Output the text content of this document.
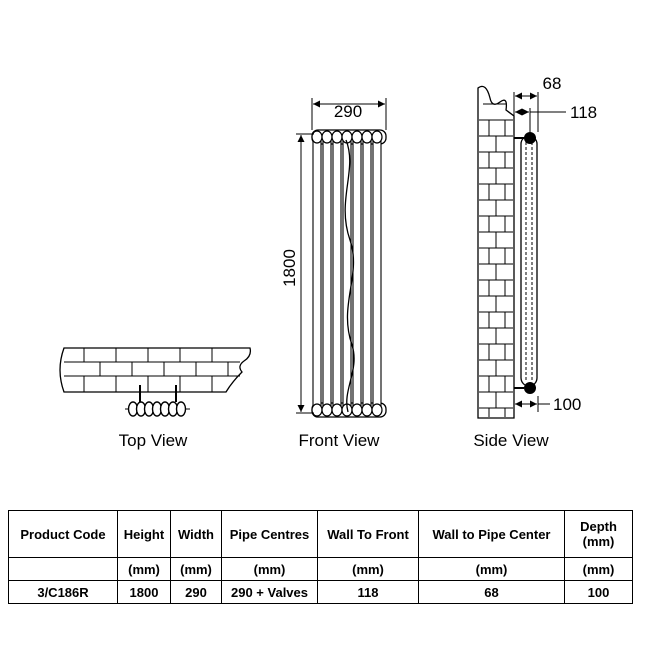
Top View
290
1800
Front View
68
118
100
Side View
Product Code	Height	Width	Pipe Centres	Wall To Front	Wall to Pipe Center	Depth (mm)
	(mm)	(mm)	(mm)	(mm)	(mm)	(mm)
3/C186R	1800	290	290 + Valves	118	68	100
